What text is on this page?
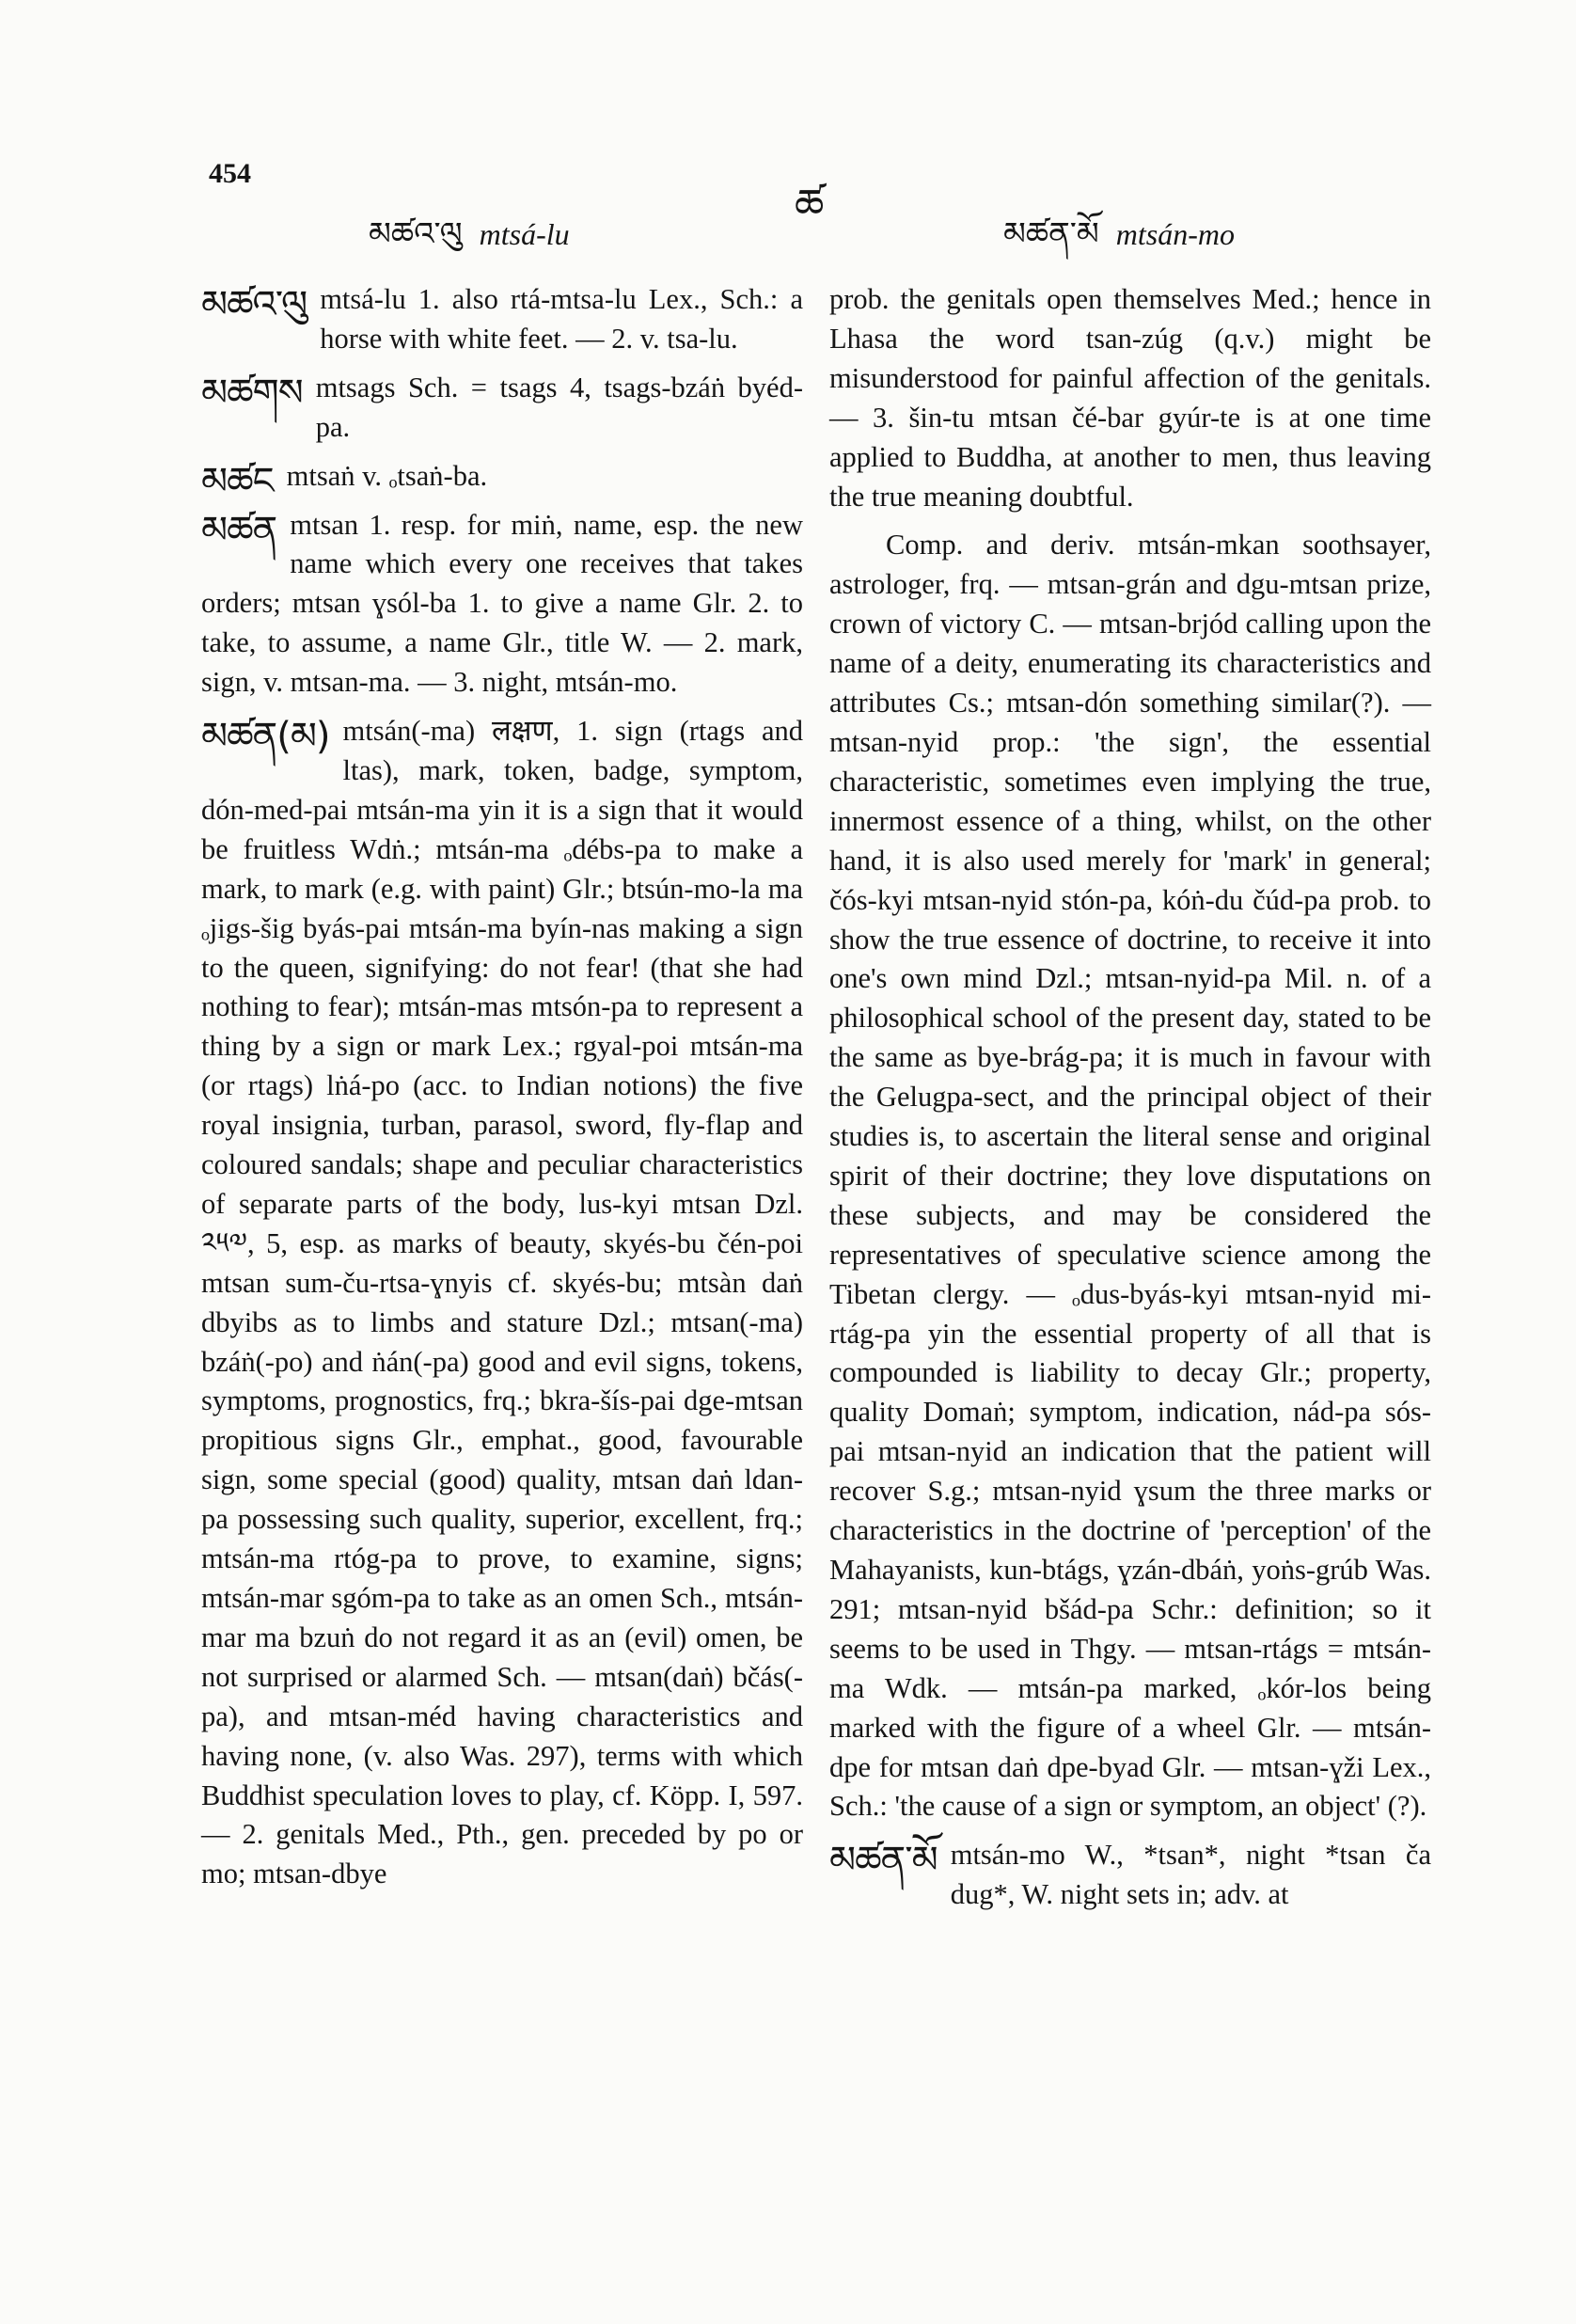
454
མཚའ་ལུ mtsá-lu
ཚ
མཚན་མོ mtsán-mo

མཚའ་ལུ mtsá-lu 1. also rtá-mtsa-lu Lex., Sch.: a horse with white feet. — 2. v. tsa-lu.

མཚགས mtsags Sch. = tsags 4, tsags-bzáṅ byéd-pa.

མཚང mtsaṅ v. ₒtsaṅ-ba.

མཚན mtsan 1. resp. for miṅ, name, esp. the new name which every one receives that takes orders; mtsan ɣsól-ba 1. to give a name Glr. 2. to take, to assume, a name Glr., title W. — 2. mark, sign, v. mtsan-ma. — 3. night, mtsán-mo.

མཚན(མ) mtsán(-ma) लक्षण, 1. sign (rtags and ltas), mark, token, badge, symptom, dón-med-pai mtsán-ma yin it is a sign that it would be fruitless Wdṅ.; mtsán-ma ₒdébs-pa to make a mark, to mark (e.g. with paint) Glr.; btsún-mo-la ma ₒjigs-šig byás-pai mtsán-ma byín-nas making a sign to the queen, signifying: do not fear! (that she had nothing to fear); mtsán-mas mtsón-pa to represent a thing by a sign or mark Lex.; rgyal-poi mtsán-ma (or rtags) lṅá-po (acc. to Indian notions) the five royal insignia, turban, parasol, sword, fly-flap and coloured sandals; shape and peculiar characteristics of separate parts of the body, lus-kyi mtsan Dzl. ༢༥༧, 5, esp. as marks of beauty, skyés-bu čén-poi mtsan sum-ču-rtsa-ɣnyis cf. skyés-bu; mtsàn daṅ dbyibs as to limbs and stature Dzl.; mtsan(-ma) bzáṅ(-po) and ṅán(-pa) good and evil signs, tokens, symptoms, prognostics, frq.; bkra-šís-pai dge-mtsan propitious signs Glr., emphat., good, favourable sign, some special (good) quality, mtsan daṅ ldan-pa possessing such quality, superior, excellent, frq.; mtsán-ma rtóg-pa to prove, to examine, signs; mtsán-mar sgóm-pa to take as an omen Sch., mtsán-mar ma bzuṅ do not regard it as an (evil) omen, be not surprised or alarmed Sch. — mtsan(daṅ) bčás(-pa), and mtsan-méd having characteristics and having none, (v. also Was. 297), terms with which Buddhist speculation loves to play, cf. Köpp. I, 597. — 2. genitals Med., Pth., gen. preceded by po or mo; mtsan-dbye

prob. the genitals open themselves Med.; hence in Lhasa the word tsan-zúg (q.v.) might be misunderstood for painful affection of the genitals. — 3. šin-tu mtsan čé-bar gyúr-te is at one time applied to Buddha, at another to men, thus leaving the true meaning doubtful.

Comp. and deriv. mtsán-mkan soothsayer, astrologer, frq. — mtsan-grán and dgu-mtsan prize, crown of victory C. — mtsan-brjód calling upon the name of a deity, enumerating its characteristics and attributes Cs.; mtsan-dón something similar(?). — mtsan-nyid prop.: 'the sign', the essential characteristic, sometimes even implying the true, innermost essence of a thing, whilst, on the other hand, it is also used merely for 'mark' in general; čós-kyi mtsan-nyid stón-pa, kóṅ-du čúd-pa prob. to show the true essence of doctrine, to receive it into one's own mind Dzl.; mtsan-nyid-pa Mil. n. of a philosophical school of the present day, stated to be the same as bye-brág-pa; it is much in favour with the Gelugpa-sect, and the principal object of their studies is, to ascertain the literal sense and original spirit of their doctrine; they love disputations on these subjects, and may be considered the representatives of speculative science among the Tibetan clergy. — ₒdus-byás-kyi mtsan-nyid mi-rtág-pa yin the essential property of all that is compounded is liability to decay Glr.; property, quality Domaṅ; symptom, indication, nád-pa sós-pai mtsan-nyid an indication that the patient will recover S.g.; mtsan-nyid ɣsum the three marks or characteristics in the doctrine of 'perception' of the Mahayanists, kun-btágs, ɣzán-dbáṅ, yoṅs-grúb Was. 291; mtsan-nyid bšád-pa Schr.: definition; so it seems to be used in Thgy. — mtsan-rtágs = mtsán-ma Wdk. — mtsán-pa marked, ₒkór-los being marked with the figure of a wheel Glr. — mtsán-dpe for mtsan daṅ dpe-byad Glr. — mtsan-ɣži Lex., Sch.: 'the cause of a sign or symptom, an object' (?).

མཚན་མོ mtsán-mo W., *tsan*, night *tsan ča dug*, W. night sets in; adv. at
